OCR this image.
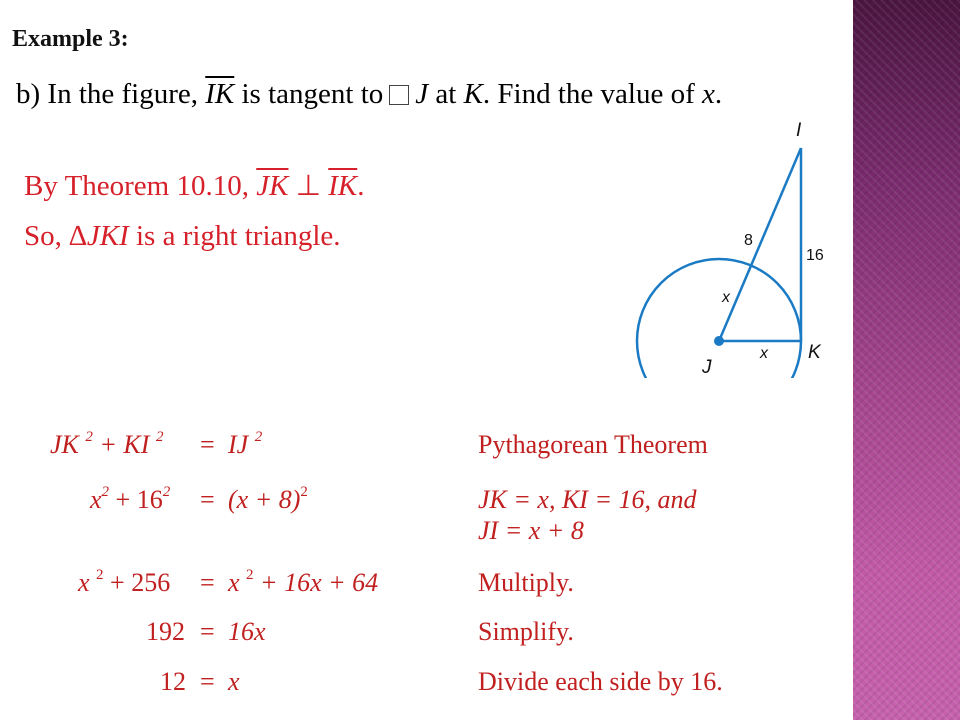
Example 3:
b) In the figure, $\overline{IK}$ is tangent to J at K. Find the value of x.
By Theorem 10.10, $\overline{JK}$ ⊥ $\overline{IK}$.
So, ∆JKI is a right triangle.
I
8
16
x
x
J
K
JK $^2$ + KI $^2$ = IJ $^2$	Pythagorean Theorem
$x^2 + 16^2 = (x + 8)^2$	JK = x, KI = 16, and
JI = x + 8
x $^2$ + 256 = x $^2$ + 16x + 64	Multiply.
192 = 16x	Simplify.
12 = x	Divide each side by 16.
